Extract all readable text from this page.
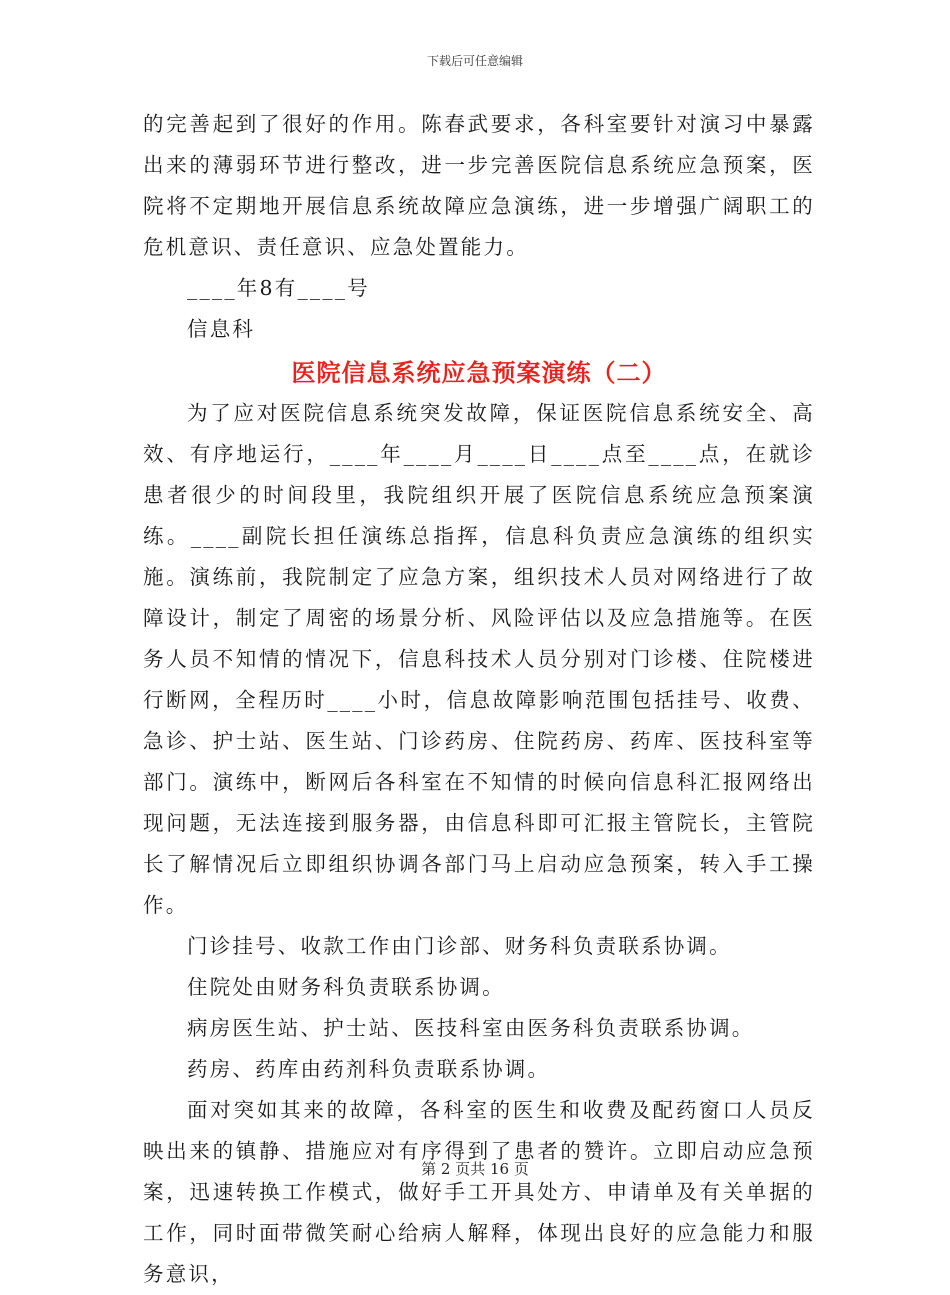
下载后可任意编辑

的完善起到了很好的作用。陈春武要求，各科室要针对演习中暴露出来的薄弱环节进行整改，进一步完善医院信息系统应急预案，医院将不定期地开展信息系统故障应急演练，进一步增强广阔职工的危机意识、责任意识、应急处置能力。

____年8有____号

信息科

医院信息系统应急预案演练（二）

为了应对医院信息系统突发故障，保证医院信息系统安全、高效、有序地运行，____年____月____日____点至____点，在就诊患者很少的时间段里，我院组织开展了医院信息系统应急预案演练。____副院长担任演练总指挥，信息科负责应急演练的组织实施。演练前，我院制定了应急方案，组织技术人员对网络进行了故障设计，制定了周密的场景分析、风险评估以及应急措施等。在医务人员不知情的情况下，信息科技术人员分别对门诊楼、住院楼进行断网，全程历时____小时，信息故障影响范围包括挂号、收费、急诊、护士站、医生站、门诊药房、住院药房、药库、医技科室等部门。演练中，断网后各科室在不知情的时候向信息科汇报网络出现问题，无法连接到服务器，由信息科即可汇报主管院长，主管院长了解情况后立即组织协调各部门马上启动应急预案，转入手工操作。

门诊挂号、收款工作由门诊部、财务科负责联系协调。

住院处由财务科负责联系协调。

病房医生站、护士站、医技科室由医务科负责联系协调。

药房、药库由药剂科负责联系协调。

面对突如其来的故障，各科室的医生和收费及配药窗口人员反映出来的镇静、措施应对有序得到了患者的赞许。立即启动应急预案，迅速转换工作模式，做好手工开具处方、申请单及有关单据的工作，同时面带微笑耐心给病人解释，体现出良好的应急能力和服务意识，

第 2 页共 16 页
